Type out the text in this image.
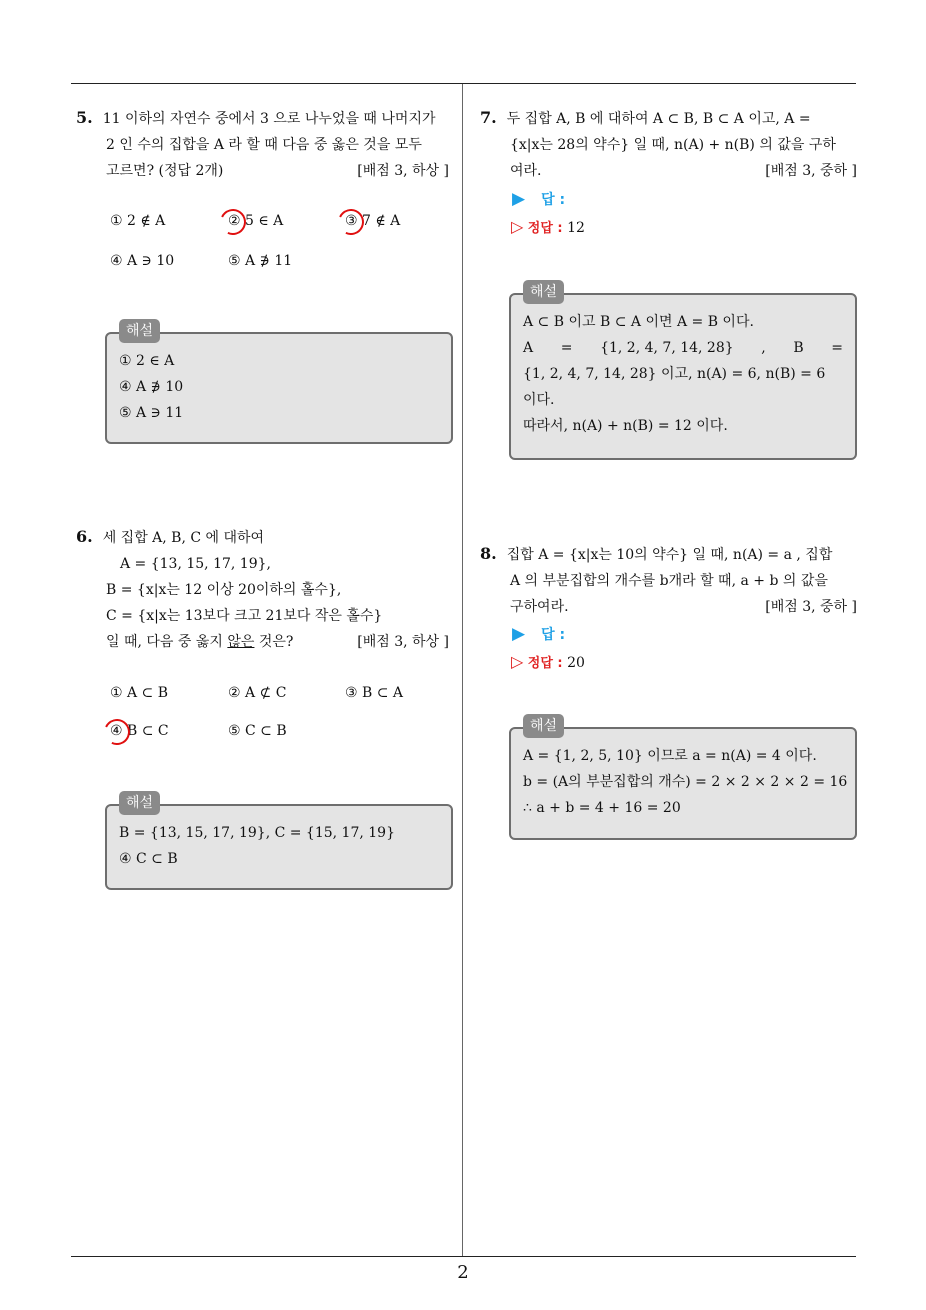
5. 11 이하의 자연수 중에서 3 으로 나누었을 때 나머지가
2 인 수의 집합을 A 라 할 때 다음 중 옳은 것을 모두
고르면? (정답 2개)	[배점 3, 하상 ]
① 2 ∉ A	② 5 ∈ A	③ 7 ∉ A
④ A ∋ 10	⑤ A ∌ 11
해설
① 2 ∈ A
④ A ∌ 10
⑤ A ∋ 11
6. 세 집합 A, B, C 에 대하여
A = {13, 15, 17, 19},
B = {x|x는 12 이상 20이하의 홀수},
C = {x|x는 13보다 크고 21보다 작은 홀수}
일 때, 다음 중 옳지 않은 것은?	[배점 3, 하상 ]
① A ⊂ B	② A ⊄ C	③ B ⊂ A
④ B ⊂ C	⑤ C ⊂ B
해설
B = {13, 15, 17, 19}, C = {15, 17, 19}
④ C ⊂ B
7. 두 집합 A, B 에 대하여 A ⊂ B, B ⊂ A 이고, A =
{x|x는 28의 약수} 일 때, n(A) + n(B) 의 값을 구하
여라.	[배점 3, 중하 ]
▶ 답 :
▷ 정답 : 12
해설
A ⊂ B 이고 B ⊂ A 이면 A = B 이다.
A = {1, 2, 4, 7, 14, 28} , B =
{1, 2, 4, 7, 14, 28} 이고, n(A) = 6, n(B) = 6
이다.
따라서, n(A) + n(B) = 12 이다.
8. 집합 A = {x|x는 10의 약수} 일 때, n(A) = a , 집합
A 의 부분집합의 개수를 b개라 할 때, a + b 의 값을
구하여라.	[배점 3, 중하 ]
▶ 답 :
▷ 정답 : 20
해설
A = {1, 2, 5, 10} 이므로 a = n(A) = 4 이다.
b = (A의 부분집합의 개수) = 2 × 2 × 2 × 2 = 16
∴ a + b = 4 + 16 = 20
2
